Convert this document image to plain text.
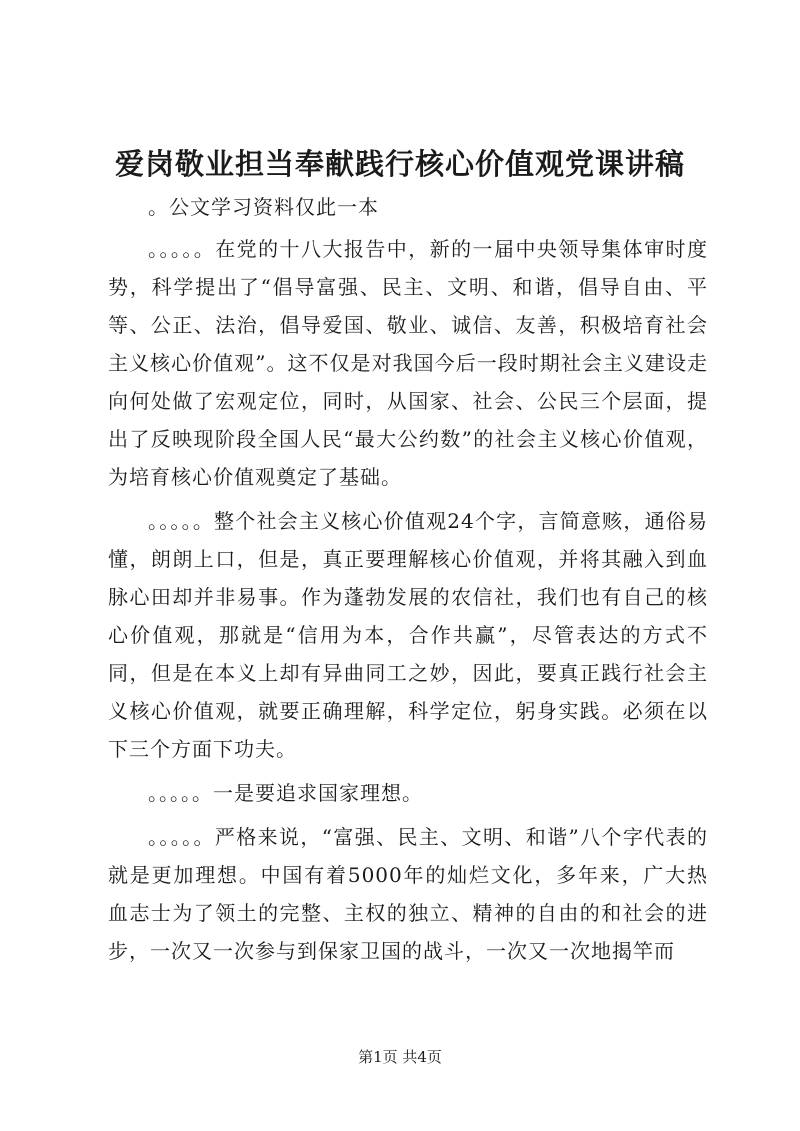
爱岗敬业担当奉献践行核心价值观党课讲稿

。公文学习资料仅此一本

。。。。。在党的十八大报告中，新的一届中央领导集体审时度势，科学提出了“倡导富强、民主、文明、和谐，倡导自由、平等、公正、法治，倡导爱国、敬业、诚信、友善，积极培育社会主义核心价值观”。这不仅是对我国今后一段时期社会主义建设走向何处做了宏观定位，同时，从国家、社会、公民三个层面，提出了反映现阶段全国人民“最大公约数”的社会主义核心价值观，为培育核心价值观奠定了基础。

。。。。。整个社会主义核心价值观24个字，言简意赅，通俗易懂，朗朗上口，但是，真正要理解核心价值观，并将其融入到血脉心田却并非易事。作为蓬勃发展的农信社，我们也有自己的核心价值观，那就是“信用为本，合作共赢”，尽管表达的方式不同，但是在本义上却有异曲同工之妙，因此，要真正践行社会主义核心价值观，就要正确理解，科学定位，躬身实践。必须在以下三个方面下功夫。

。。。。。一是要追求国家理想。

。。。。。严格来说，“富强、民主、文明、和谐”八个字代表的就是更加理想。中国有着5000年的灿烂文化，多年来，广大热血志士为了领土的完整、主权的独立、精神的自由的和社会的进步，一次又一次参与到保家卫国的战斗，一次又一次地揭竿而

第1页 共4页
